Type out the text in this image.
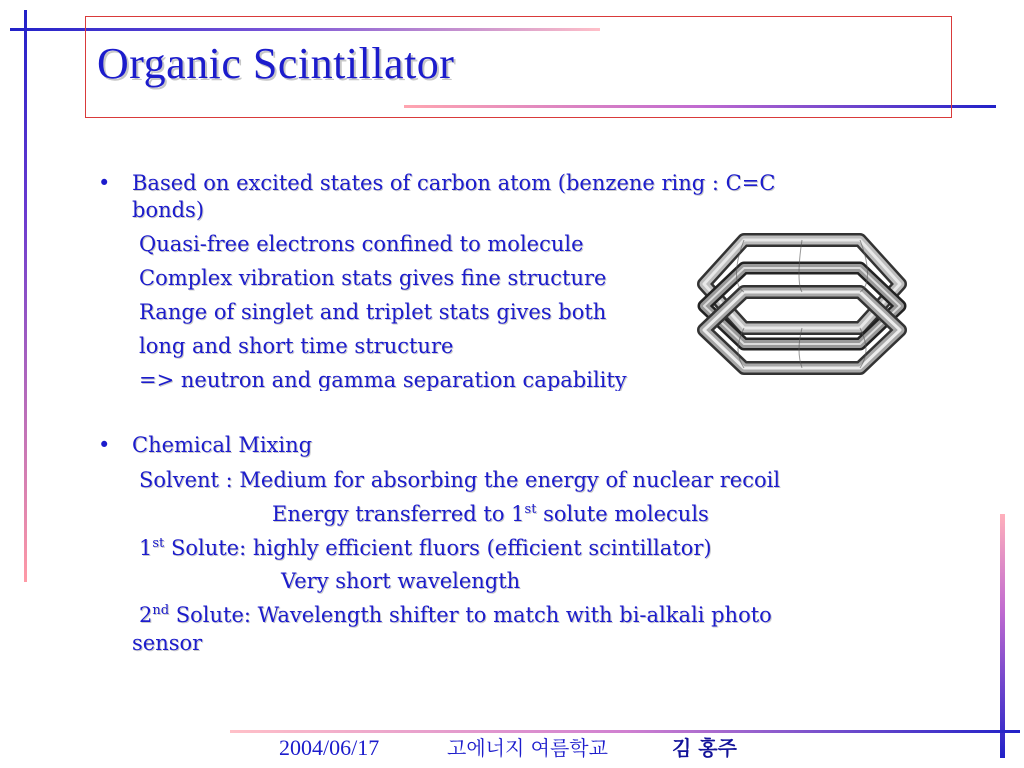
Organic Scintillator
• Based on excited states of carbon atom (benzene ring : C=C
bonds)
Quasi-free electrons confined to molecule
Complex vibration stats gives fine structure
Range of singlet and triplet stats gives both
long and short time structure
=> neutron and gamma separation capability
• Chemical Mixing
Solvent : Medium for absorbing the energy of nuclear recoil
Energy transferred to 1st solute moleculs
1st Solute: highly efficient fluors (efficient scintillator)
Very short wavelength
2nd Solute: Wavelength shifter to match with bi-alkali photo
sensor
2004/06/17	고에너지 여름학교	김 홍주
